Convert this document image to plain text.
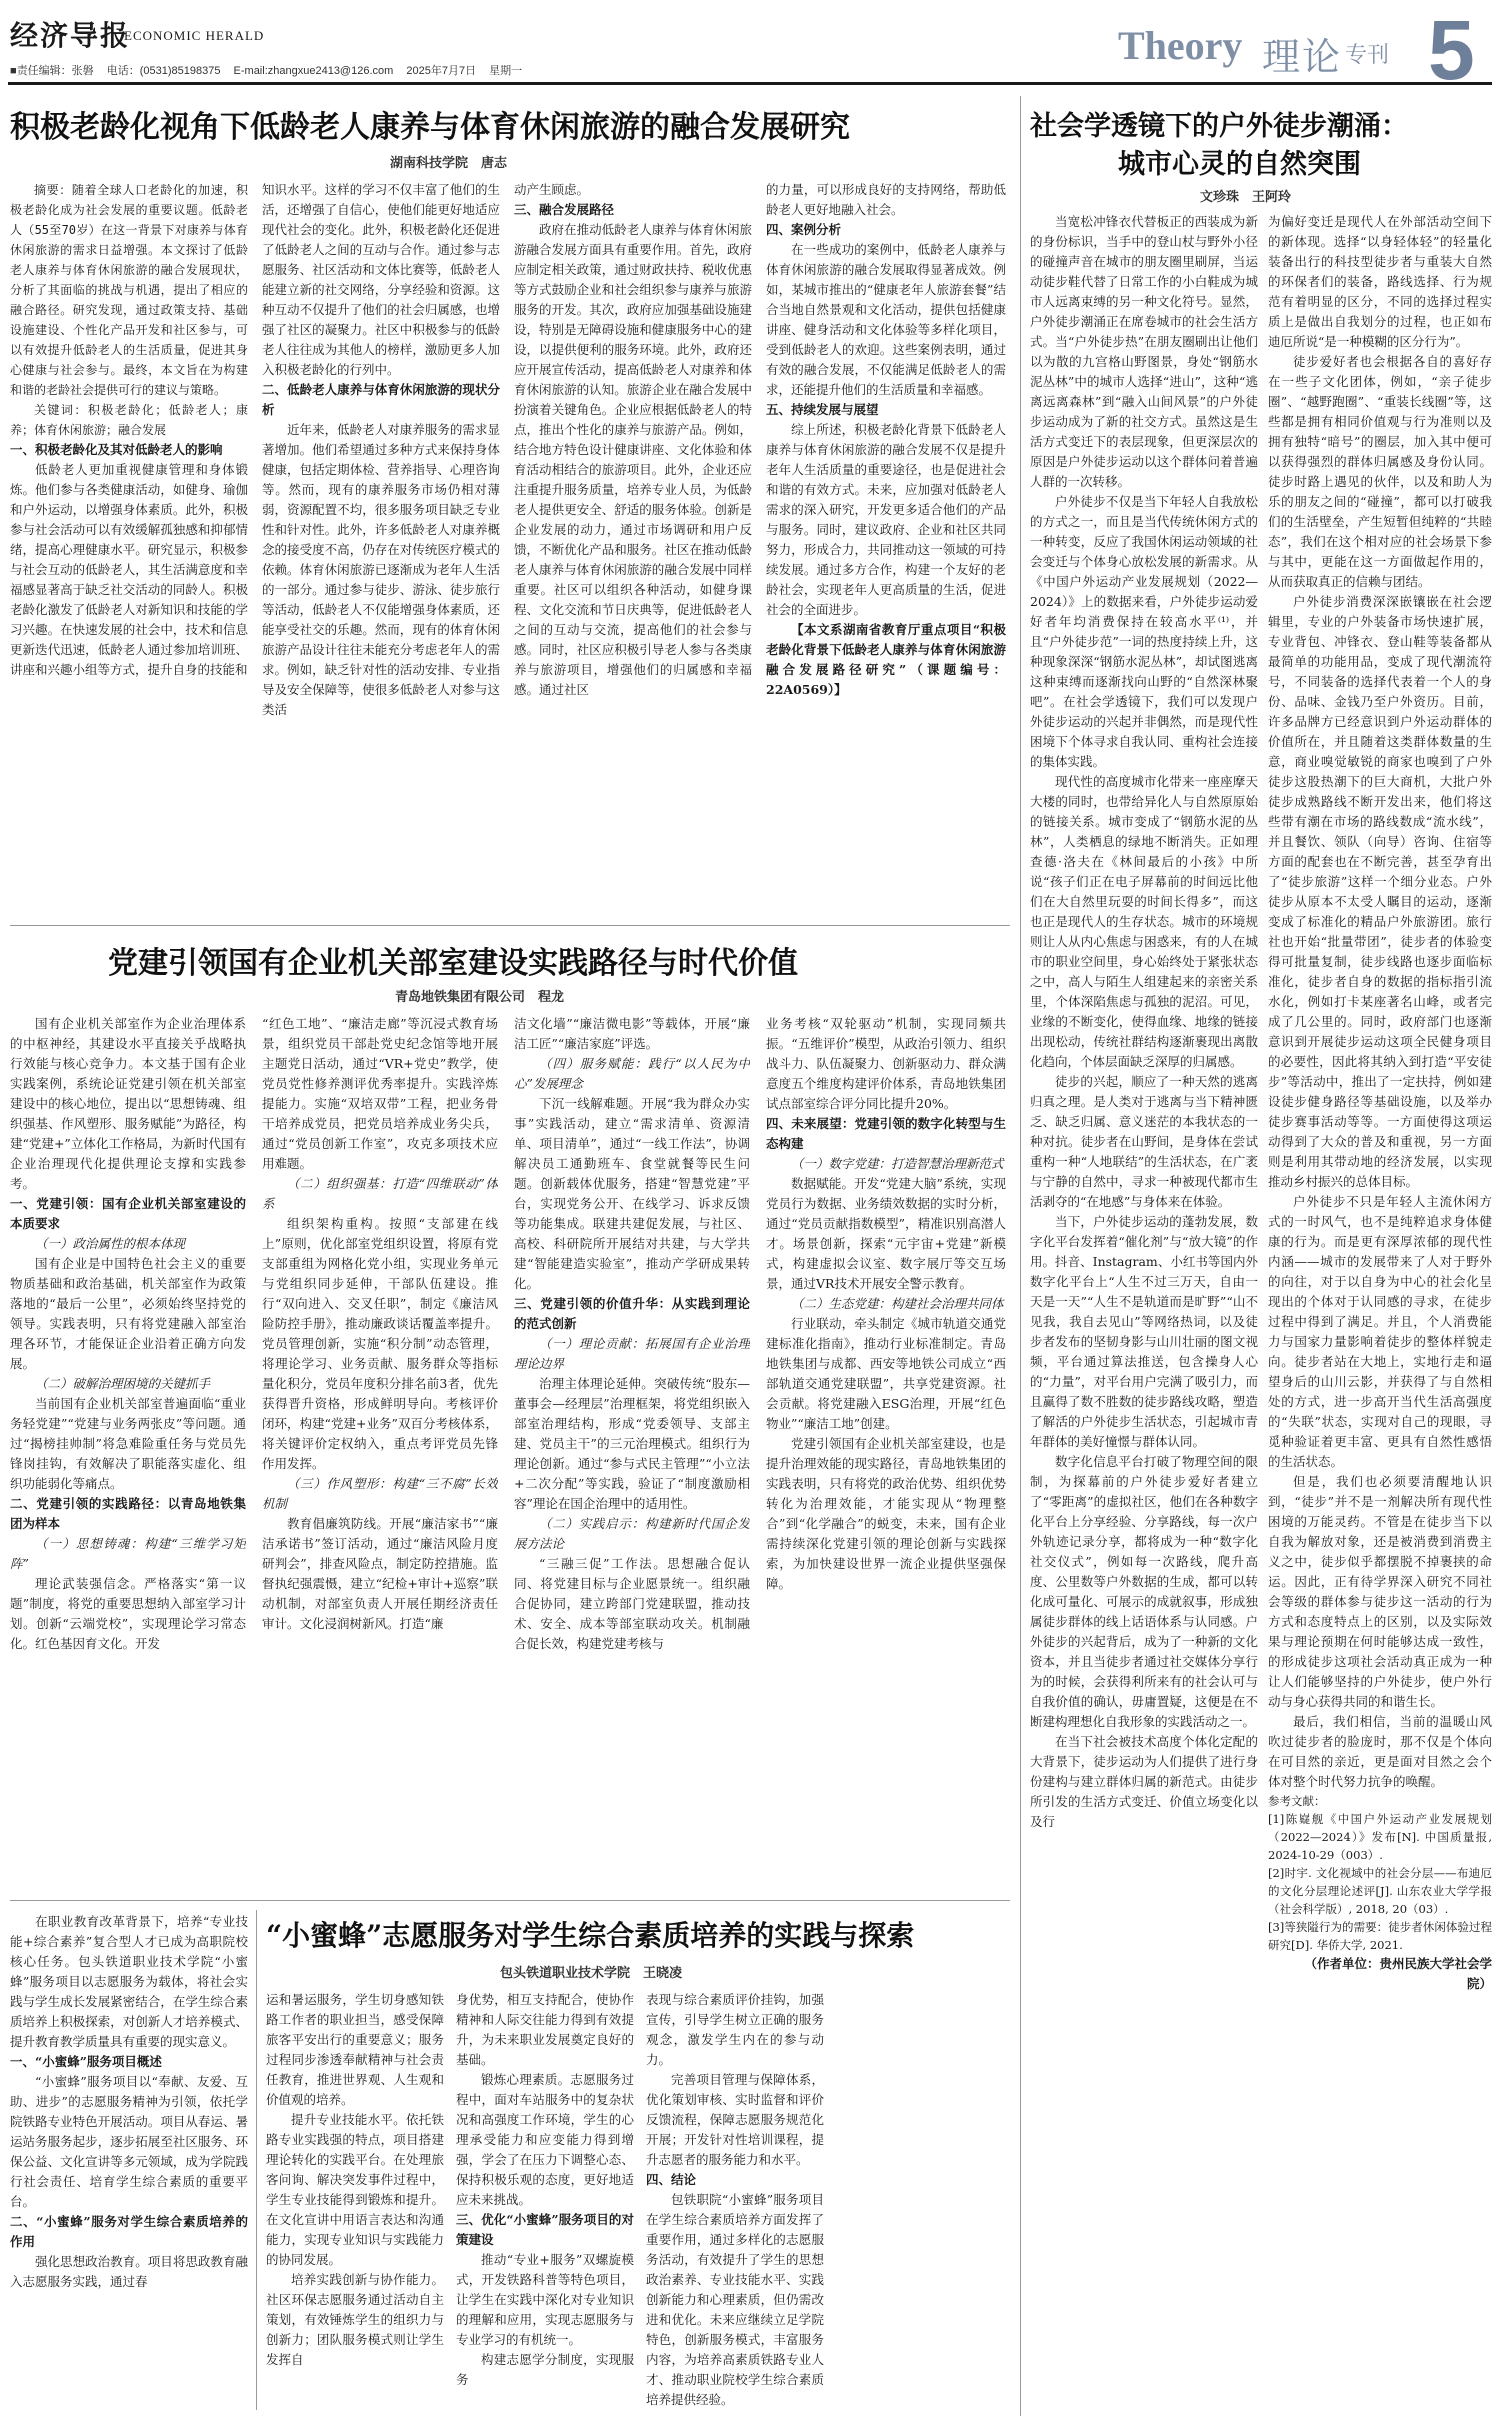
经济导报
ECONOMIC HERALD	Theory 理论 专刊 5
■责任编辑：张磐 电话：(0531)85198375 E-mail:zhangxue2413@126.com 2025年7月7日 星期一
积极老龄化视角下低龄老人康养与体育休闲旅游的融合发展研究
湖南科技学院　唐志

摘要：随着全球人口老龄化的加速，积极老龄化成为社会发展的重要议题。低龄老人（55至70岁）在这一背景下对康养与体育休闲旅游的需求日益增强。本文探讨了低龄老人康养与体育休闲旅游的融合发展现状，分析了其面临的挑战与机遇，提出了相应的融合路径。研究发现，通过政策支持、基础设施建设、个性化产品开发和社区参与，可以有效提升低龄老人的生活质量，促进其身心健康与社会参与。最终，本文旨在为构建和谐的老龄社会提供可行的建议与策略。

关键词：积极老龄化；低龄老人；康养；体育休闲旅游；融合发展

一、积极老龄化及其对低龄老人的影响

低龄老人更加重视健康管理和身体锻炼。他们参与各类健康活动，如健身、瑜伽和户外运动，以增强身体素质。此外，积极参与社会活动可以有效缓解孤独感和抑郁情绪，提高心理健康水平。研究显示，积极参与社会互动的低龄老人，其生活满意度和幸福感显著高于缺乏社交活动的同龄人。积极老龄化激发了低龄老人对新知识和技能的学习兴趣。在快速发展的社会中，技术和信息更新迭代迅速，低龄老人通过参加培训班、讲座和兴趣小组等方式，提升自身的技能和

知识水平。这样的学习不仅丰富了他们的生活，还增强了自信心，使他们能更好地适应现代社会的变化。此外，积极老龄化还促进了低龄老人之间的互动与合作。通过参与志愿服务、社区活动和文体比赛等，低龄老人能建立新的社交网络，分享经验和资源。这种互动不仅提升了他们的社会归属感，也增强了社区的凝聚力。社区中积极参与的低龄老人往往成为其他人的榜样，激励更多人加入积极老龄化的行列中。

二、低龄老人康养与体育休闲旅游的现状分析

近年来，低龄老人对康养服务的需求显著增加。他们希望通过多种方式来保持身体健康，包括定期体检、营养指导、心理咨询等。然而，现有的康养服务市场仍相对薄弱，资源配置不均，很多服务项目缺乏专业性和针对性。此外，许多低龄老人对康养概念的接受度不高，仍存在对传统医疗模式的依赖。体育休闲旅游已逐渐成为老年人生活的一部分。通过参与徒步、游泳、徒步旅行等活动，低龄老人不仅能增强身体素质，还能享受社交的乐趣。然而，现有的体育休闲旅游产品设计往往未能充分考虑老年人的需求。例如，缺乏针对性的活动安排、专业指导及安全保障等，使很多低龄老人对参与这类活

动产生顾虑。

三、融合发展路径

政府在推动低龄老人康养与体育休闲旅游融合发展方面具有重要作用。首先，政府应制定相关政策，通过财政扶持、税收优惠等方式鼓励企业和社会组织参与康养与旅游服务的开发。其次，政府应加强基础设施建设，特别是无障碍设施和健康服务中心的建设，以提供便利的服务环境。此外，政府还应开展宣传活动，提高低龄老人对康养和体育休闲旅游的认知。旅游企业在融合发展中扮演着关键角色。企业应根据低龄老人的特点，推出个性化的康养与旅游产品。例如，结合地方特色设计健康讲座、文化体验和体育活动相结合的旅游项目。此外，企业还应注重提升服务质量，培养专业人员，为低龄老人提供更安全、舒适的服务体验。创新是企业发展的动力，通过市场调研和用户反馈，不断优化产品和服务。社区在推动低龄老人康养与体育休闲旅游的融合发展中同样重要。社区可以组织各种活动，如健身课程、文化交流和节日庆典等，促进低龄老人之间的互动与交流，提高他们的社会参与感。同时，社区应积极引导老人参与各类康养与旅游项目，增强他们的归属感和幸福感。通过社区

的力量，可以形成良好的支持网络，帮助低龄老人更好地融入社会。

四、案例分析

在一些成功的案例中，低龄老人康养与体育休闲旅游的融合发展取得显著成效。例如，某城市推出的“健康老年人旅游套餐”结合当地自然景观和文化活动，提供包括健康讲座、健身活动和文化体验等多样化项目，受到低龄老人的欢迎。这些案例表明，通过有效的融合发展，不仅能满足低龄老人的需求，还能提升他们的生活质量和幸福感。

五、持续发展与展望

综上所述，积极老龄化背景下低龄老人康养与体育休闲旅游的融合发展不仅是提升老年人生活质量的重要途径，也是促进社会和谐的有效方式。未来，应加强对低龄老人需求的深入研究，开发更多适合他们的产品与服务。同时，建议政府、企业和社区共同努力，形成合力，共同推动这一领域的可持续发展。通过多方合作，构建一个友好的老龄社会，实现老年人更高质量的生活，促进社会的全面进步。

【本文系湖南省教育厅重点项目“积极老龄化背景下低龄老人康养与体育休闲旅游融合发展路径研究”（课题编号：22A0569）】

党建引领国有企业机关部室建设实践路径与时代价值
青岛地铁集团有限公司　程龙

国有企业机关部室作为企业治理体系的中枢神经，其建设水平直接关乎战略执行效能与核心竞争力。本文基于国有企业实践案例，系统论证党建引领在机关部室建设中的核心地位，提出以“思想铸魂、组织强基、作风塑形、服务赋能”为路径，构建“党建+”立体化工作格局，为新时代国有企业治理现代化提供理论支撑和实践参考。

一、党建引领：国有企业机关部室建设的本质要求

（一）政治属性的根本体现

国有企业是中国特色社会主义的重要物质基础和政治基础，机关部室作为政策落地的“最后一公里”，必须始终坚持党的领导。实践表明，只有将党建融入部室治理各环节，才能保证企业沿着正确方向发展。

（二）破解治理困境的关键抓手

当前国有企业机关部室普遍面临“重业务轻党建”“党建与业务两张皮”等问题。通过“揭榜挂帅制”将急难险重任务与党员先锋岗挂钩，有效解决了职能落实虚化、组织功能弱化等痛点。

二、党建引领的实践路径：以青岛地铁集团为样本

（一）思想铸魂：构建“三维学习矩阵”

理论武装强信念。严格落实“第一议题”制度，将党的重要思想纳入部室学习计划。创新“云端党校”，实现理论学习常态化。红色基因育文化。开发

“红色工地”、“廉洁走廊”等沉浸式教育场景，组织党员干部赴党史纪念馆等地开展主题党日活动，通过“VR+党史”教学，使党员党性修养测评优秀率提升。实践淬炼提能力。实施“双培双带”工程，把业务骨干培养成党员，把党员培养成业务尖兵，通过“党员创新工作室”，攻克多项技术应用难题。

（二）组织强基：打造“四维联动”体系

组织架构重构。按照“支部建在线上”原则，优化部室党组织设置，将原有党支部重组为网格化党小组，实现业务单元与党组织同步延伸，干部队伍建设。推行“双向进入、交叉任职”，制定《廉洁风险防控手册》，推动廉政谈话覆盖率提升。党员管理创新，实施“积分制”动态管理，将理论学习、业务贡献、服务群众等指标量化积分，党员年度积分排名前3者，优先获得晋升资格，形成鲜明导向。考核评价闭环，构建“党建+业务”双百分考核体系，将关键评价定权纳入，重点考评党员先锋作用发挥。

（三）作风塑形：构建“三不腐”长效机制

教育倡廉筑防线。开展“廉洁家书”“廉洁承诺书”签订活动，通过“廉洁风险月度研判会”，排查风险点，制定防控措施。监督执纪强震慑，建立“纪检+审计+巡察”联动机制，对部室负责人开展任期经济责任审计。文化浸润树新风。打造“廉

洁文化墙”“廉洁微电影”等载体，开展“廉洁工匠”“廉洁家庭”评选。

（四）服务赋能：践行“以人民为中心”发展理念

下沉一线解难题。开展“我为群众办实事”实践活动，建立“需求清单、资源清单、项目清单”，通过“一线工作法”，协调解决员工通勤班车、食堂就餐等民生问题。创新载体优服务，搭建“智慧党建”平台，实现党务公开、在线学习、诉求反馈等功能集成。联建共建促发展，与社区、高校、科研院所开展结对共建，与大学共建“智能建造实验室”，推动产学研成果转化。

三、党建引领的价值升华：从实践到理论的范式创新

（一）理论贡献：拓展国有企业治理理论边界

治理主体理论延伸。突破传统“股东—董事会—经理层”治理框架，将党组织嵌入部室治理结构，形成“党委领导、支部主建、党员主干”的三元治理模式。组织行为理论创新。通过“参与式民主管理”“小立法+二次分配”等实践，验证了“制度激励相容”理论在国企治理中的适用性。

（二）实践启示：构建新时代国企发展方法论

“三融三促”工作法。思想融合促认同、将党建目标与企业愿景统一。组织融合促协同，建立跨部门党建联盟，推动技术、安全、成本等部室联动攻关。机制融合促长效，构建党建考核与

业务考核“双轮驱动”机制，实现同频共振。“五维评价”模型，从政治引领力、组织战斗力、队伍凝聚力、创新驱动力、群众满意度五个维度构建评价体系，青岛地铁集团试点部室综合评分同比提升20%。

四、未来展望：党建引领的数字化转型与生态构建

（一）数字党建：打造智慧治理新范式

数据赋能。开发“党建大脑”系统，实现党员行为数据、业务绩效数据的实时分析，通过“党员贡献指数模型”，精准识别高潜人才。场景创新，探索“元宇宙+党建”新模式，构建虚拟会议室、数字展厅等交互场景，通过VR技术开展安全警示教育。

（二）生态党建：构建社会治理共同体

行业联动，牵头制定《城市轨道交通党建标准化指南》，推动行业标准制定。青岛地铁集团与成都、西安等地铁公司成立“西部轨道交通党建联盟”，共享党建资源。社会贡献。将党建融入ESG治理，开展“红色物业”“廉洁工地”创建。

党建引领国有企业机关部室建设，也是提升治理效能的现实路径，青岛地铁集团的实践表明，只有将党的政治优势、组织优势转化为治理效能，才能实现从“物理整合”到“化学融合”的蜕变，未来，国有企业需持续深化党建引领的理论创新与实践探索，为加快建设世界一流企业提供坚强保障。

在职业教育改革背景下，培养“专业技能+综合素养”复合型人才已成为高职院校核心任务。包头铁道职业技术学院“小蜜蜂”服务项目以志愿服务为载体，将社会实践与学生成长发展紧密结合，在学生综合素质培养上积极探索，对创新人才培养模式、提升教育教学质量具有重要的现实意义。

一、“小蜜蜂”服务项目概述

“小蜜蜂”服务项目以“奉献、友爱、互助、进步”的志愿服务精神为引领，依托学院铁路专业特色开展活动。项目从春运、暑运站务服务起步，逐步拓展至社区服务、环保公益、文化宣讲等多元领域，成为学院践行社会责任、培育学生综合素质的重要平台。

二、“小蜜蜂”服务对学生综合素质培养的作用

强化思想政治教育。项目将思政教育融入志愿服务实践，通过春

“小蜜蜂”志愿服务对学生综合素质培养的实践与探索
包头铁道职业技术学院　王晓凌

运和暑运服务，学生切身感知铁路工作者的职业担当，感受保障旅客平安出行的重要意义；服务过程同步渗透奉献精神与社会责任教育，推进世界观、人生观和价值观的培养。

提升专业技能水平。依托铁路专业实践强的特点，项目搭建理论转化的实践平台。在处理旅客问询、解决突发事件过程中，学生专业技能得到锻炼和提升。在文化宣讲中用语言表达和沟通能力，实现专业知识与实践能力的协同发展。

培养实践创新与协作能力。社区环保志愿服务通过活动自主策划，有效锤炼学生的组织力与创新力；团队服务模式则让学生发挥自

身优势，相互支持配合，使协作精神和人际交往能力得到有效提升，为未来职业发展奠定良好的基础。

锻炼心理素质。志愿服务过程中，面对车站服务中的复杂状况和高强度工作环境，学生的心理承受能力和应变能力得到增强，学会了在压力下调整心态、保持积极乐观的态度，更好地适应未来挑战。

三、优化“小蜜蜂”服务项目的对策建设

推动“专业+服务”双螺旋模式，开发铁路科普等特色项目，让学生在实践中深化对专业知识的理解和应用，实现志愿服务与专业学习的有机统一。

构建志愿学分制度，实现服务

表现与综合素质评价挂钩，加强宣传，引导学生树立正确的服务观念，激发学生内在的参与动力。

完善项目管理与保障体系，优化策划审核、实时监督和评价反馈流程，保障志愿服务规范化开展；开发针对性培训课程，提升志愿者的服务能力和水平。

四、结论

包铁职院“小蜜蜂”服务项目在学生综合素质培养方面发挥了重要作用，通过多样化的志愿服务活动，有效提升了学生的思想政治素养、专业技能水平、实践创新能力和心理素质，但仍需改进和优化。未来应继续立足学院特色，创新服务模式，丰富服务内容，为培养高素质铁路专业人才、推动职业院校学生综合素质培养提供经验。

社会学透镜下的户外徒步潮涌：
城市心灵的自然突围
文珍珠　王阿玲

当宽松冲锋衣代替板正的西装成为新的身份标识，当手中的登山杖与野外小径的碰撞声音在城市的朋友圈里刷屏，当运动徒步鞋代替了日常工作的小白鞋成为城市人远离束缚的另一种文化符号。显然，户外徒步潮涌正在席卷城市的社会生活方式。当“户外徒步热”在朋友圈刷出让他们以为散的九宫格山野图景，身处“钢筋水泥丛林”中的城市人选择“进山”，这种“逃离远离森林”到“融入山间风景”的户外徒步运动成为了新的社交方式。虽然这是生活方式变迁下的表层现象，但更深层次的原因是户外徒步运动以这个群体问着普遍人群的一次转移。

户外徒步不仅是当下年轻人自我放松的方式之一，而且是当代传统休闲方式的一种转变，反应了我国休闲运动领域的社会变迁与个体身心放松发展的新需求。从《中国户外运动产业发展规划（2022—2024）》上的数据来看，户外徒步运动爱好者年均消费保持在较高水平⁽¹⁾，并且“户外徒步范”一词的热度持续上升，这种现象深深“钢筋水泥丛林”，却试图逃离这种束缚而逐渐找向山野的“自然深林聚吧”。在社会学透镜下，我们可以发现户外徒步运动的兴起并非偶然，而是现代性困境下个体寻求自我认同、重构社会连接的集体实践。

现代性的高度城市化带来一座座摩天大楼的同时，也带给异化人与自然原原始的链接关系。城市变成了“钢筋水泥的丛林”，人类栖息的绿地不断消失。正如理查德·洛夫在《林间最后的小孩》中所说“孩子们正在电子屏幕前的时间远比他们在大自然里玩耍的时间长得多”，而这也正是现代人的生存状态。城市的环境规则让人从内心焦虑与困惑来，有的人在城市的职业空间里，身心始终处于紧张状态之中，高人与陌生人组建起来的亲密关系里，个体深陷焦虑与孤独的泥沼。可见，业缘的不断变化，使得血缘、地缘的链接出现松动，传统社群结构逐渐裹现出离散化趋向，个体层面缺乏深厚的归属感。

徒步的兴起，顺应了一种天然的逃离归真之理。是人类对于逃离与当下精神匮乏、缺乏归属、意义迷茫的本我状态的一种对抗。徒步者在山野间，是身体在尝试重构一种“人地联结”的生活状态，在广袤与宁静的自然中，寻求一种被现代都市生活剥夺的“在地感”与身体来在体验。

当下，户外徒步运动的蓬勃发展，数字化平台发挥着“催化剂”与“放大镜”的作用。抖音、Instagram、小红书等国内外数字化平台上“人生不过三万天，自由一天是一天”“人生不是轨道而是旷野”“山不见我，我自去见山”等网络热词，以及徒步者发布的坚韧身影与山川壮丽的图文视频，平台通过算法推送，包含操身人心的“力量”，对平台用户完满了吸引力，而且赢得了数不胜数的徒步路线攻略，塑造了解活的户外徒步生活状态，引起城市青年群体的美好憧憬与群体认同。

数字化信息平台打破了物理空间的限制，为探幕前的户外徒步爱好者建立了“零距离”的虚拟社区，他们在各种数字化平台上分享经验、分享路线，每一次户外轨迹记录分享，都将成为一种“数字化社交仪式”，例如每一次路线，爬升高度、公里数等户外数据的生成，都可以转化成可量化、可展示的成就叙事，形成独属徒步群体的线上话语体系与认同感。户外徒步的兴起背后，成为了一种新的文化资本，并且当徒步者通过社交媒体分享行为的时候，会获得利所来有的社会认可与自我价值的确认，毋庸置疑，这便是在不断建构理想化自我形象的实践活动之一。

在当下社会被技术高度个体化定配的大背景下，徒步运动为人们提供了进行身份建构与建立群体归属的新范式。由徒步所引发的生活方式变迁、价值立场变化以及行

为偏好变迁是现代人在外部活动空间下的新体现。选择“以身轻体轻”的轻量化装备出行的科技型徒步者与重装大自然的环保者们的装备，路线选择、行为规范有着明显的区分，不同的选择过程实质上是做出自我划分的过程，也正如布迪厄所说“是一种模糊的区分行为”。

徒步爱好者也会根据各自的喜好存在一些子文化团体，例如，“亲子徒步圈”、“越野跑圈”、“重装长线圈”等，这些都是拥有相同价值观与行为准则以及拥有独特“暗号”的圈层，加入其中便可以获得强烈的群体归属感及身份认同。徒步时路上遇见的伙伴，以及和助人为乐的朋友之间的“碰撞”，都可以打破我们的生活壁垒，产生短暂但纯粹的“共睦态”，我们在这个相对应的社会场景下参与其中，更能在这一方面做起作用的，从而获取真正的信赖与团结。

户外徒步消费深深嵌镶嵌在社会逻辑里，专业的户外装备市场快速扩展，专业背包、冲锋衣、登山鞋等装备都从最简单的功能用品，变成了现代潮流符号，不同装备的选择代表着一个人的身份、品味、金钱乃至户外资历。目前，许多品牌方已经意识到户外运动群体的价值所在，并且随着这类群体数量的生意，商业嗅觉敏锐的商家也嗅到了户外徒步这股热潮下的巨大商机，大批户外徒步成熟路线不断开发出来，他们将这些带有潮在市场的路线数成“流水线”，并且餐饮、领队（向导）咨询、住宿等方面的配套也在不断完善，甚至孕育出了“徒步旅游”这样一个细分业态。户外徒步从原本不太受人瞩目的运动，逐渐变成了标准化的精品户外旅游团。旅行社也开始“批量带团”，徒步者的体验变得可批量复制，徒步线路也逐步面临标准化，徒步者自身的数据的指标指引流水化，例如打卡某座著名山峰，或者完成了几公里的。同时，政府部门也逐渐意识到开展徒步运动这项全民健身项目的必要性，因此将其纳入到打造“平安徒步”等活动中，推出了一定扶持，例如建设徒步健身路径等基础设施，以及举办徒步赛事活动等等。一方面使得这项运动得到了大众的普及和重视，另一方面则是利用其带动地的经济发展，以实现推动乡村振兴的总体目标。

户外徒步不只是年轻人主流休闲方式的一时风气，也不是纯粹追求身体健康的行为。而是更有深厚浓郁的现代性内涵——城市的发展带来了人对于野外的向往，对于以自身为中心的社会化呈现出的个体对于认同感的寻求，在徒步过程中得到了满足。并且，个人消费能力与国家力量影响着徒步的整体样貌走向。徒步者站在大地上，实地行走和逼望身后的山川云影，并获得了与自然相处的方式，进一步高开当代生活高强度的“失联”状态，实现对自己的现眼，寻觅种验证着更丰富、更具有自然性感悟的生活状态。

但是，我们也必须要清醒地认识到，“徒步”并不是一剂解决所有现代性困境的万能灵药。不管是在徒步当下以自我为解放对象，还是被消费到消费主义之中，徒步似乎都摆脱不掉裹挟的命运。因此，正有待学界深入研究不同社会等级的群体参与徒步这一活动的行为方式和态度特点上的区别，以及实际效果与理论预期在何时能够达成一致性，的形成徒步这项社会活动真正成为一种让人们能够坚持的户外徒步，使户外行动与身心获得共同的和谐生长。

最后，我们相信，当前的温暖山风吹过徒步者的脸庞时，那不仅是个体向在可目然的亲近，更是面对目然之会个体对整个时代努力抗争的唤醒。

参考文献：

[1]陈嶷舰《中国户外运动产业发展规划（2022—2024）》发布[N]. 中国质量报, 2024-10-29（003）.

[2]时宇. 文化视域中的社会分层——布迪厄的文化分层理论述评[J]. 山东农业大学学报（社会科学版）, 2018, 20（03）.

[3]等狭隘行为的需要：徒步者休闲体验过程研究[D]. 华侨大学, 2021.

（作者单位：贵州民族大学社会学院）
